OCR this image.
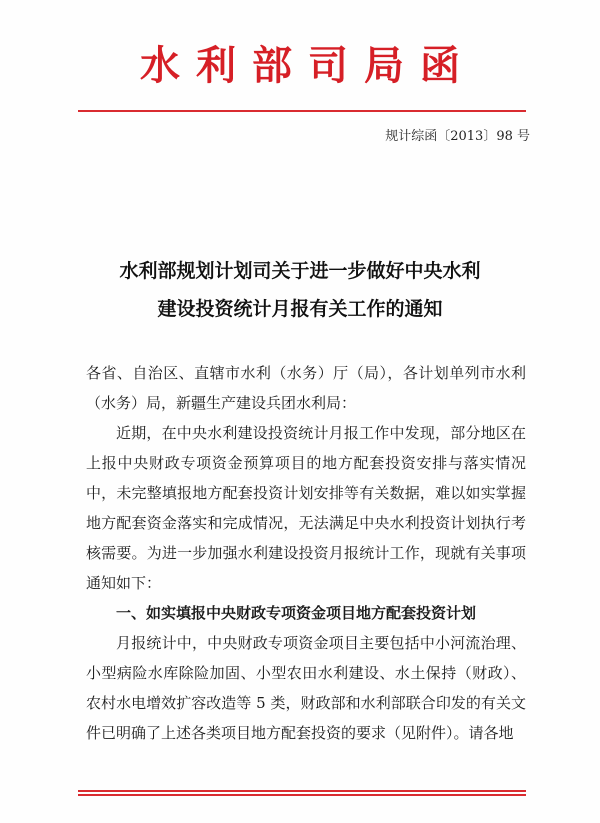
水利部司局函
规计综函〔2013〕98 号
水利部规划计划司关于进一步做好中央水利
建设投资统计月报有关工作的通知

各省、自治区、直辖市水利（水务）厅（局），各计划单列市水利（水务）局，新疆生产建设兵团水利局：

近期，在中央水利建设投资统计月报工作中发现，部分地区在上报中央财政专项资金预算项目的地方配套投资安排与落实情况中，未完整填报地方配套投资计划安排等有关数据，难以如实掌握地方配套资金落实和完成情况，无法满足中央水利投资计划执行考核需要。为进一步加强水利建设投资月报统计工作，现就有关事项通知如下：

一、如实填报中央财政专项资金项目地方配套投资计划

月报统计中，中央财政专项资金项目主要包括中小河流治理、小型病险水库除险加固、小型农田水利建设、水土保持（财政）、农村水电增效扩容改造等 5 类，财政部和水利部联合印发的有关文件已明确了上述各类项目地方配套投资的要求（见附件）。请各地
